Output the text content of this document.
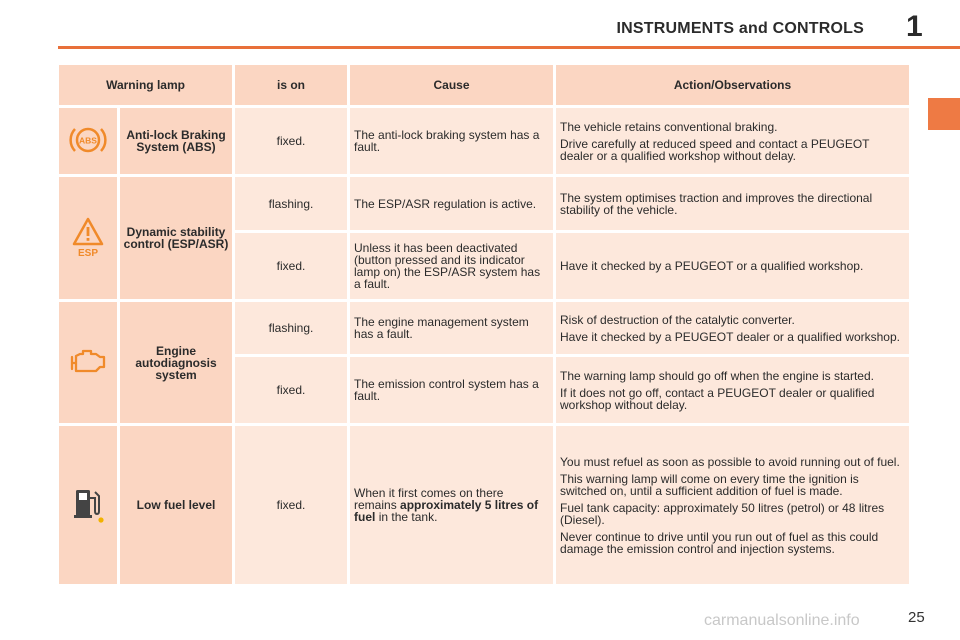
INSTRUMENTS and CONTROLS 1
Warning lamp		is on	Cause	Action/Observations

ABS	Anti-lock Braking System (ABS)	fixed.	The anti-lock braking system has a fault.	The vehicle retains conventional braking.

Drive carefully at reduced speed and contact a PEUGEOT dealer or a qualified workshop without delay.

ESP	Dynamic stability control (ESP/ASR)	flashing.	The ESP/ASR regulation is active.	The system optimises traction and improves the directional stability of the vehicle.
		fixed.	Unless it has been deactivated (button pressed and its indicator lamp on) the ESP/ASR system has a fault.	Have it checked by a PEUGEOT or a qualified workshop.
	Engine autodiagnosis system	flashing.	The engine management system has a fault.	Risk of destruction of the catalytic converter.

Have it checked by a PEUGEOT dealer or a qualified workshop.

		fixed.	The emission control system has a fault.	The warning lamp should go off when the engine is started.

If it does not go off, contact a PEUGEOT dealer or qualified workshop without delay.

	Low fuel level	fixed.	When it first comes on there remains approximately 5 litres of fuel in the tank.	You must refuel as soon as possible to avoid running out of fuel.

This warning lamp will come on every time the ignition is switched on, until a sufficient addition of fuel is made.

Fuel tank capacity: approximately 50 litres (petrol) or 48 litres (Diesel).

Never continue to drive until you run out of fuel as this could damage the emission control and injection systems.

carmanualsonline.info	25
